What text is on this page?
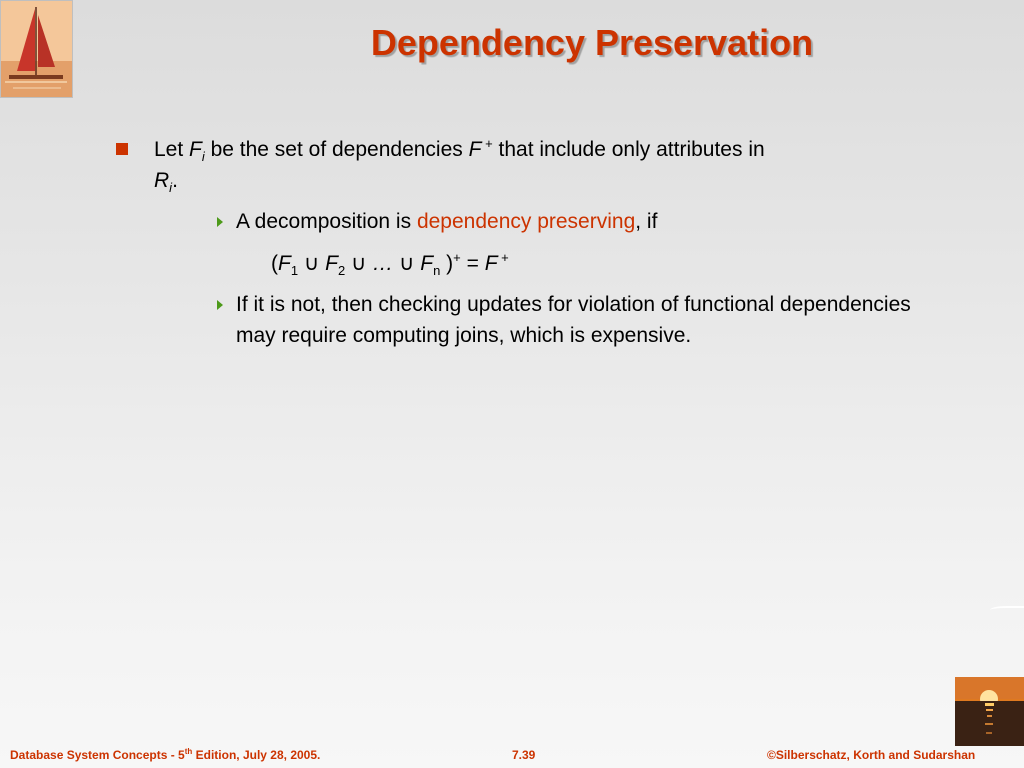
Dependency Preservation
Let $F_i$ be the set of dependencies F + that include only attributes in
$R_i$.
A decomposition is dependency preserving, if
($F_1$ ∪ $F_2$ ∪ … ∪ $F_n$ )+ = F +
If it is not, then checking updates for violation of functional dependencies may require computing joins, which is expensive.
Database System Concepts - 5th Edition, July 28, 2005.	7.39	©Silberschatz, Korth and Sudarshan
